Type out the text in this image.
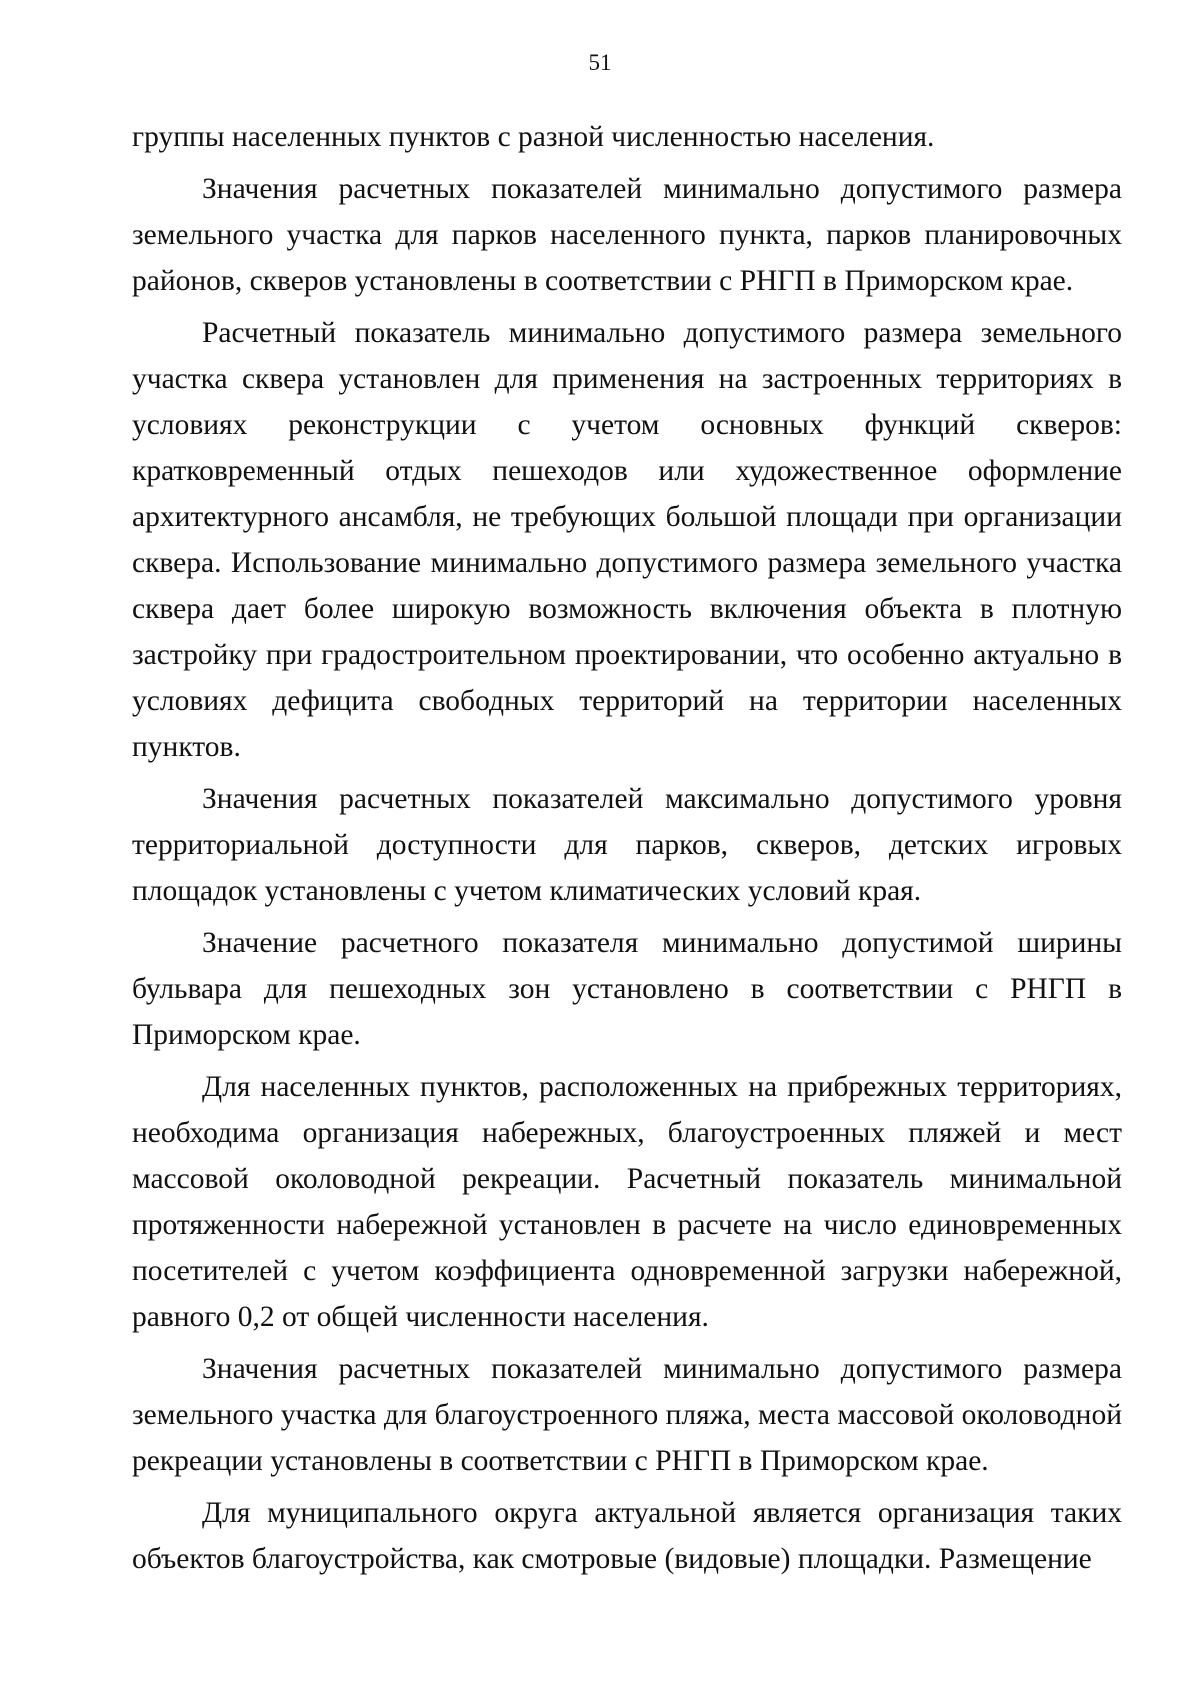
51

группы населенных пунктов с разной численностью населения.

Значения расчетных показателей минимально допустимого размера земельного участка для парков населенного пункта, парков планировочных районов, скверов установлены в соответствии с РНГП в Приморском крае.

Расчетный показатель минимально допустимого размера земельного участка сквера установлен для применения на застроенных территориях в условиях реконструкции с учетом основных функций скверов: кратковременный отдых пешеходов или художественное оформление архитектурного ансамбля, не требующих большой площади при организации сквера. Использование минимально допустимого размера земельного участка сквера дает более широкую возможность включения объекта в плотную застройку при градостроительном проектировании, что особенно актуально в условиях дефицита свободных территорий на территории населенных пунктов.

Значения расчетных показателей максимально допустимого уровня территориальной доступности для парков, скверов, детских игровых площадок установлены с учетом климатических условий края.

Значение расчетного показателя минимально допустимой ширины бульвара для пешеходных зон установлено в соответствии с РНГП в Приморском крае.

Для населенных пунктов, расположенных на прибрежных территориях, необходима организация набережных, благоустроенных пляжей и мест массовой околоводной рекреации. Расчетный показатель минимальной протяженности набережной установлен в расчете на число единовременных посетителей с учетом коэффициента одновременной загрузки набережной, равного 0,2 от общей численности населения.

Значения расчетных показателей минимально допустимого размера земельного участка для благоустроенного пляжа, места массовой околоводной рекреации установлены в соответствии с РНГП в Приморском крае.

Для муниципального округа актуальной является организация таких объектов благоустройства, как смотровые (видовые) площадки. Размещение
